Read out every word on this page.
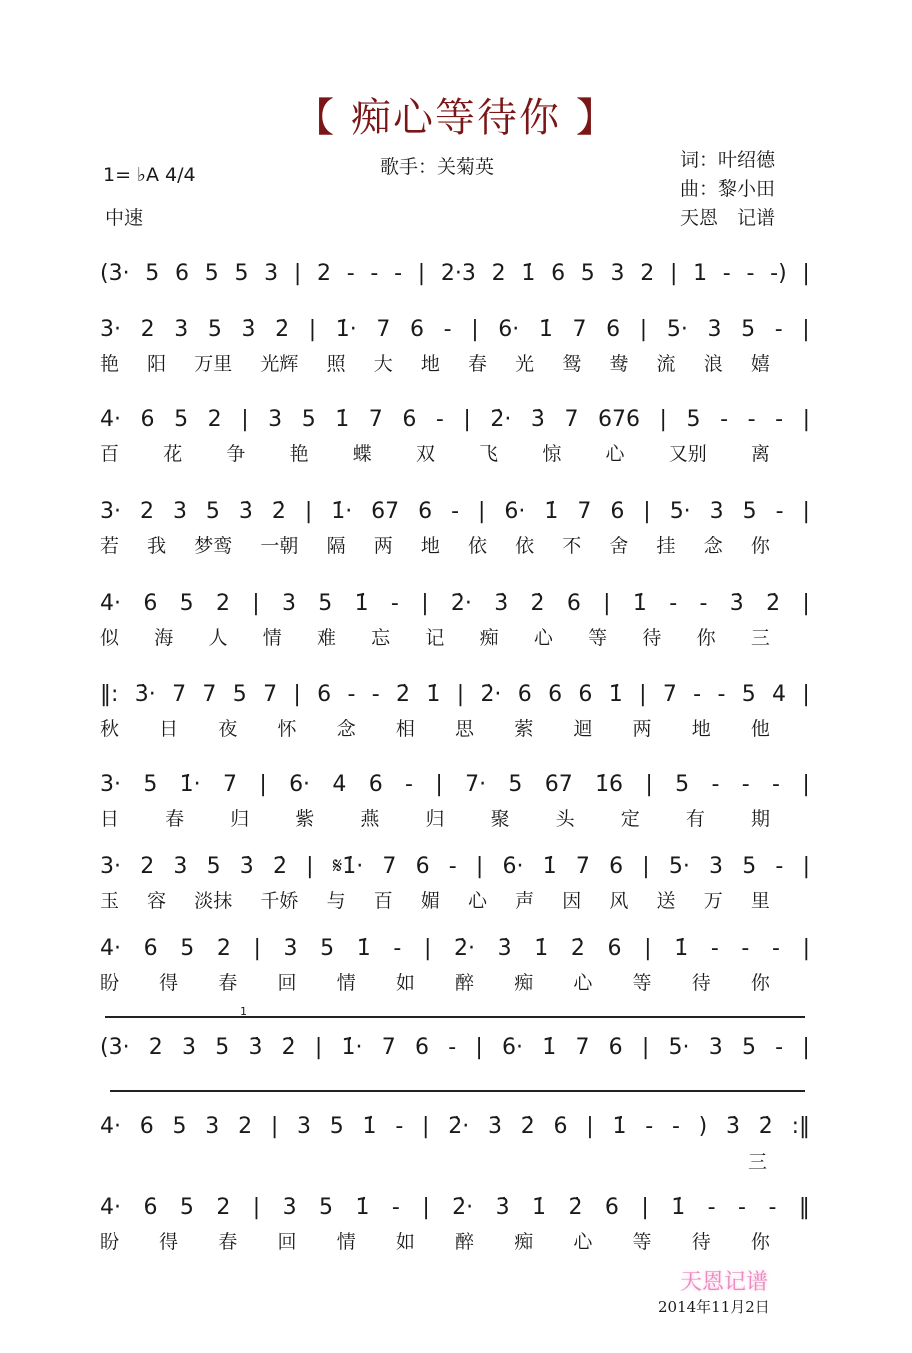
【 痴心等待你 】
歌手：关菊英
1= ♭A 4/4
中速
词：叶绍德
曲：黎小田
天恩　记谱
1
(3· 5 6 5 5 3 | 2 - - - | 2·3 2 1̇ 6 5 3 2 | 1 - - -) |
3· 2 3 5 3̇ 2̇ | 1̇· 7 6 - | 6· 1̇ 7 6 | 5· 3 5 - |
艳 阳 万里 光辉 照 大 地 春 光 鸳 鸯 流 浪 嬉
4· 6 5 2 | 3 5 1̇ 7 6 - | 2̇· 3̇ 7 676 | 5 - - - |
百 花 争 艳 蝶 双 飞 惊 心 又别 离
3· 2 3 5 3̇ 2̇ | 1̇· 67 6 - | 6· 1̇ 7 6 | 5· 3 5 - |
若 我 梦鸾 一朝 隔 两 地 依 依 不 舍 挂 念 你
4· 6 5 2 | 3 5 1̇ - | 2̇· 3̇ 2̇ 6 | 1̇ - - 3̇ 2̇ |
似 海 人 情 难 忘 记 痴 心 等 待 你 三
‖: 3̇· 7 7 5 7 | 6 - - 2̇ 1̇ | 2̇· 6 6 6 1̇ | 7 - - 5 4 |
秋 日 夜 怀 念 相 思 萦 迴 两 地 他
3· 5 1̇· 7 | 6· 4 6 - | 7· 5 67 1̇6 | 5 - - - |
日 春 归 紫 燕 归 聚 头 定 有 期
3· 2 3 5 3̇ 2̇ | 𝄋1̇· 7 6 - | 6· 1̇ 7 6 | 5· 3 5 - |
玉 容 淡抹 千娇 与 百 媚 心 声 因 风 送 万 里
4· 6 5 2 | 3 5 1̇ - | 2̇· 3̇ 1̇ 2̇ 6 | 1̇ - - - |
盼 得 春 回 情 如 醉 痴 心 等 待 你
(3· 2 3 5 3̇ 2̇ | 1̇· 7 6 - | 6· 1̇ 7 6 | 5· 3 5 - |
4· 6 5 3 2 | 3 5 1̇ - | 2̇· 3̇ 2̇ 6 | 1̇ - - ) 3̇ 2̇ :‖
4· 6 5 2 | 3 5 1̇ - | 2̇· 3̇ 1̇ 2̇ 6 | 1̇ - - - ‖
盼 得 春 回 情 如 醉 痴 心 等 待 你
三
天恩记谱
2014年11月2日
